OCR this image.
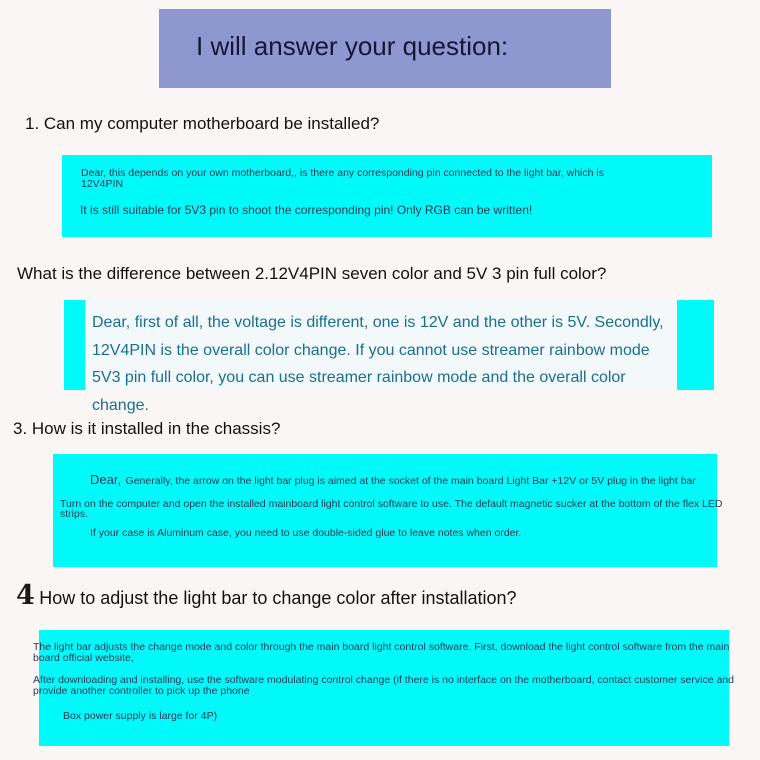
I will answer your question:
1. Can my computer motherboard be installed?
Dear, this depends on your own motherboard,, is there any corresponding pin connected to the light bar, which is
12V4PIN
It is still suitable for 5V3 pin to shoot the corresponding pin! Only RGB can be written!
What is the difference between 2.12V4PIN seven color and 5V 3 pin full color?

Dear, first of all, the voltage is different, one is 12V and the other is 5V. Secondly, 12V4PIN is the overall color change. If you cannot use streamer rainbow mode 5V3 pin full color, you can use streamer rainbow mode and the overall color change.

3. How is it installed in the chassis?
Dear, Generally, the arrow on the light bar plug is aimed at the socket of the main board Light Bar +12V or 5V plug in the light bar
Turn on the computer and open the installed mainboard light control software to use. The default magnetic sucker at the bottom of the flex LED
strips.
If your case is Aluminum case, you need to use double-sided glue to leave notes when order.
4 How to adjust the light bar to change color after installation?
The light bar adjusts the change mode and color through the main board light control software. First, download the light control software from the main
board official website,
After downloading and installing, use the software modulating control change (if there is no interface on the motherboard, contact customer service and
provide another controller to pick up the phone
Box power supply is large for 4P)
